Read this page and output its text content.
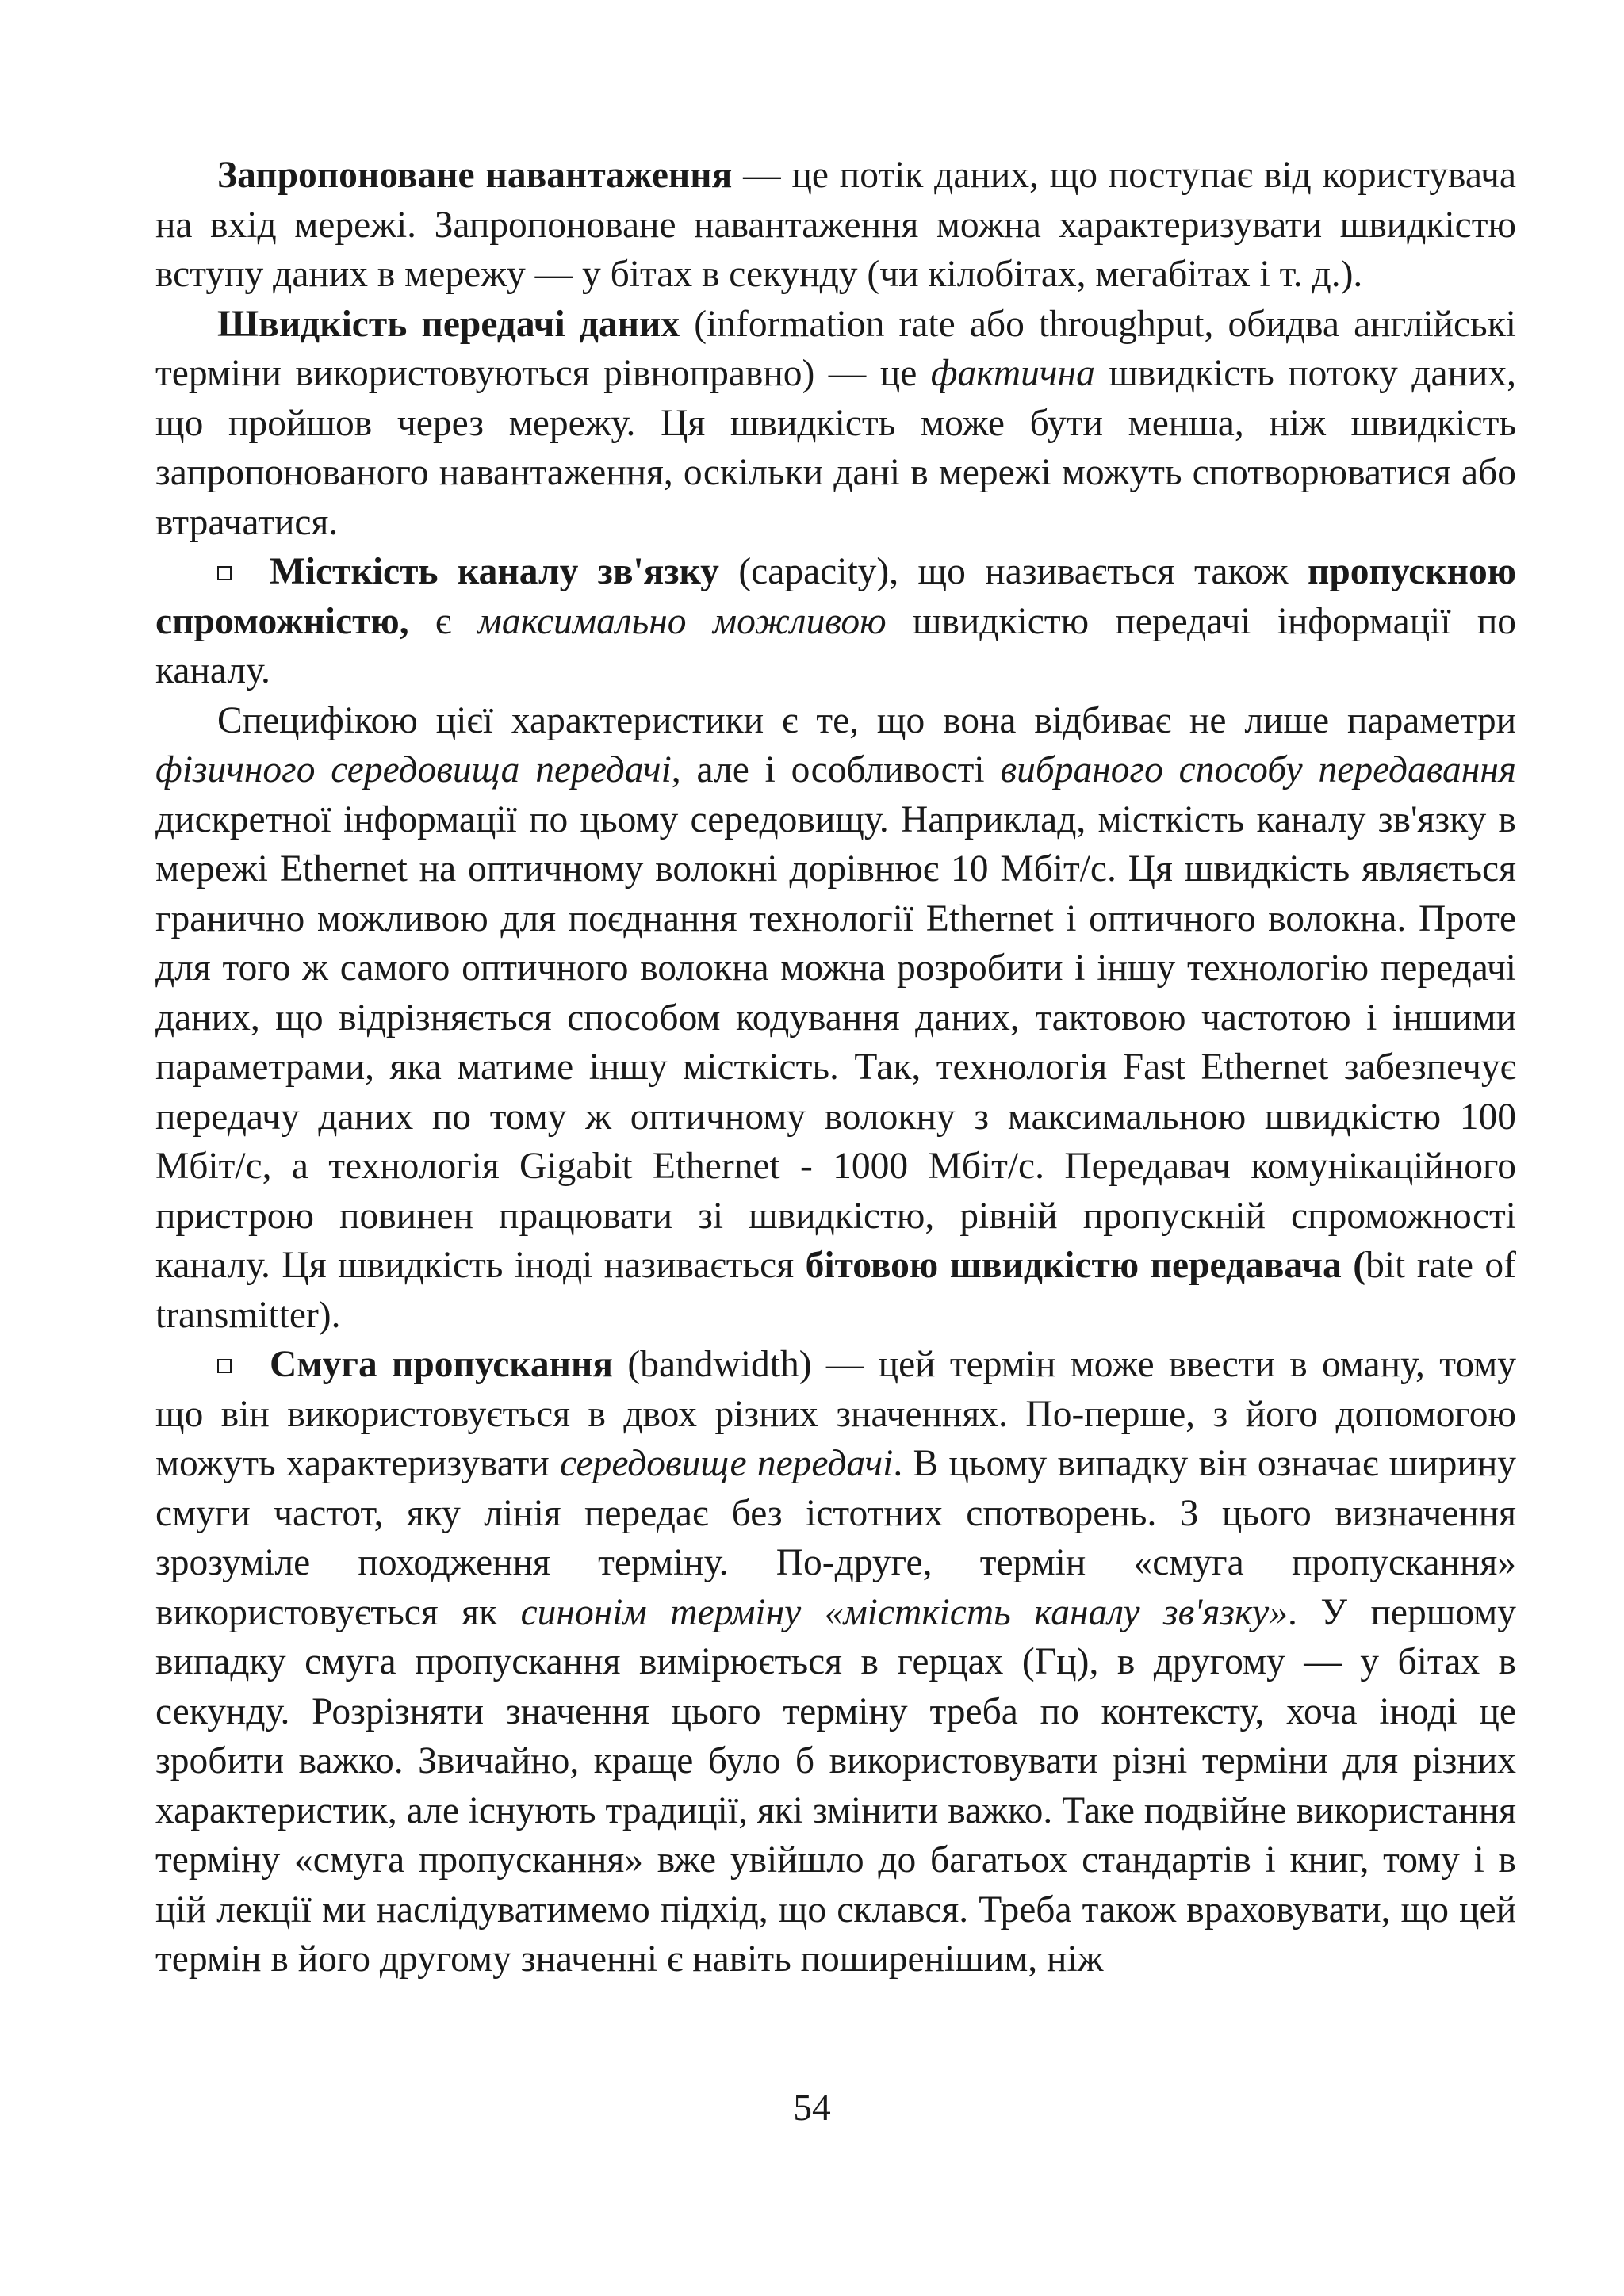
Запропоноване навантаження — це потік даних, що поступає від користувача на вхід мережі. Запропоноване навантаження можна характеризувати швидкістю вступу даних в мережу — у бітах в секунду (чи кілобітах, мегабітах і т. д.).

Швидкість передачі даних (information rate або throughput, обидва англійські терміни використовуються рівноправно) — це фактична швидкість потоку даних, що пройшов через мережу. Ця швидкість може бути менша, ніж швидкість запропонованого навантаження, оскільки дані в мережі можуть спотворюватися або втрачатися.

Місткість каналу зв'язку (capacity), що називається також пропускною спроможністю, є максимально можливою швидкістю передачі інформації по каналу.

Специфікою цієї характеристики є те, що вона відбиває не лише параметри фізичного середовища передачі, але і особливості вибраного способу передавання дискретної інформації по цьому середовищу. Наприклад, місткість каналу зв'язку в мережі Ethernet на оптичному волокні дорівнює 10 Мбіт/с. Ця швидкість являється гранично можливою для поєднання технології Ethernet і оптичного волокна. Проте для того ж самого оптичного волокна можна розробити і іншу технологію передачі даних, що відрізняється способом кодування даних, тактовою частотою і іншими параметрами, яка матиме іншу місткість. Так, технологія Fast Ethernet забезпечує передачу даних по тому ж оптичному волокну з максимальною швидкістю 100 Мбіт/с, а технологія Gigabit Ethernet - 1000 Мбіт/с. Передавач комунікаційного пристрою повинен працювати зі швидкістю, рівній пропускній спроможності каналу. Ця швидкість іноді називається бітовою швидкістю передавача (bit rate of transmitter).

Смуга пропускання (bandwidth) — цей термін може ввести в оману, тому що він використовується в двох різних значеннях. По-перше, з його допомогою можуть характеризувати середовище передачі. В цьому випадку він означає ширину смуги частот, яку лінія передає без істотних спотворень. З цього визначення зрозуміле походження терміну. По-друге, термін «смуга пропускання» використовується як синонім терміну «місткість каналу зв'язку». У першому випадку смуга пропускання вимірюється в герцах (Гц), в другому — у бітах в секунду. Розрізняти значення цього терміну треба по контексту, хоча іноді це зробити важко. Звичайно, краще було б використовувати різні терміни для різних характеристик, але існують традиції, які змінити важко. Таке подвійне використання терміну «смуга пропускання» вже увійшло до багатьох стандартів і книг, тому і в цій лекції ми наслідуватимемо підхід, що склався. Треба також враховувати, що цей термін в його другому значенні є навіть поширенішим, ніж

54
